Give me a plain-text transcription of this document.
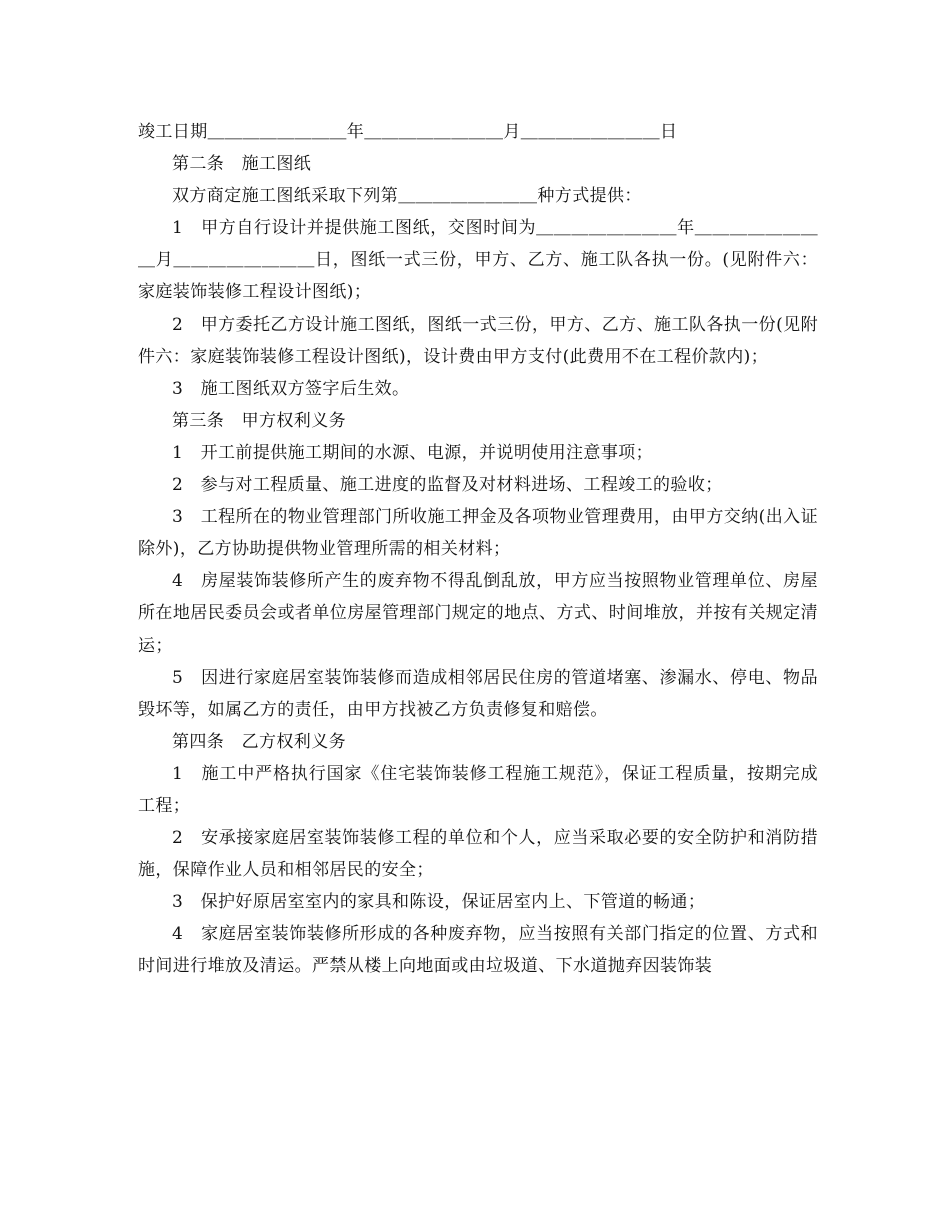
竣工日期＿＿＿＿＿＿＿＿年＿＿＿＿＿＿＿＿月＿＿＿＿＿＿＿＿日

第二条　施工图纸

双方商定施工图纸采取下列第＿＿＿＿＿＿＿＿种方式提供：

1　甲方自行设计并提供施工图纸，交图时间为＿＿＿＿＿＿＿＿年＿＿＿＿＿＿＿＿月＿＿＿＿＿＿＿＿日，图纸一式三份，甲方、乙方、施工队各执一份。(见附件六：家庭装饰装修工程设计图纸)；

2　甲方委托乙方设计施工图纸，图纸一式三份，甲方、乙方、施工队各执一份(见附件六：家庭装饰装修工程设计图纸)，设计费由甲方支付(此费用不在工程价款内)；

3　施工图纸双方签字后生效。

第三条　甲方权利义务

1　开工前提供施工期间的水源、电源，并说明使用注意事项；

2　参与对工程质量、施工进度的监督及对材料进场、工程竣工的验收；

3　工程所在的物业管理部门所收施工押金及各项物业管理费用，由甲方交纳(出入证除外)，乙方协助提供物业管理所需的相关材料；

4　房屋装饰装修所产生的废弃物不得乱倒乱放，甲方应当按照物业管理单位、房屋所在地居民委员会或者单位房屋管理部门规定的地点、方式、时间堆放，并按有关规定清运；

5　因进行家庭居室装饰装修而造成相邻居民住房的管道堵塞、渗漏水、停电、物品毁坏等，如属乙方的责任，由甲方找被乙方负责修复和赔偿。

第四条　乙方权利义务

1　施工中严格执行国家《住宅装饰装修工程施工规范》，保证工程质量，按期完成工程；

2　安承接家庭居室装饰装修工程的单位和个人，应当采取必要的安全防护和消防措施，保障作业人员和相邻居民的安全；

3　保护好原居室室内的家具和陈设，保证居室内上、下管道的畅通；

4　家庭居室装饰装修所形成的各种废弃物，应当按照有关部门指定的位置、方式和时间进行堆放及清运。严禁从楼上向地面或由垃圾道、下水道抛弃因装饰装
